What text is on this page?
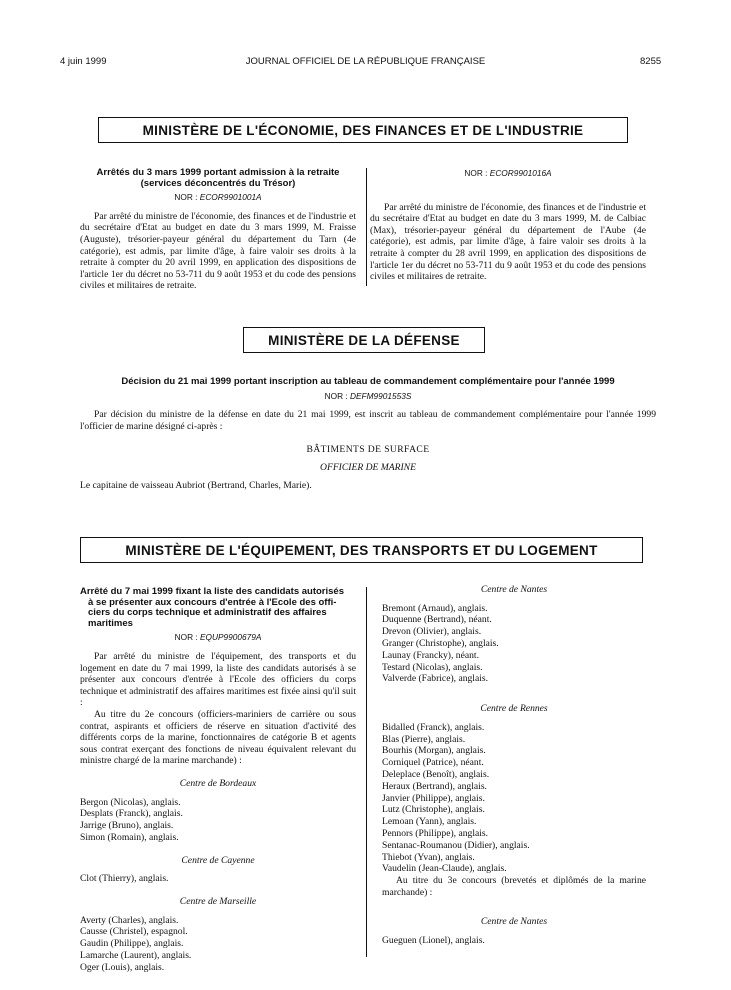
4 juin 1999	JOURNAL OFFICIEL DE LA RÉPUBLIQUE FRANÇAISE	8255
MINISTÈRE DE L'ÉCONOMIE, DES FINANCES ET DE L'INDUSTRIE
Arrêtés du 3 mars 1999 portant admission à la retraite
(services déconcentrés du Trésor)
NOR : ECOR9901001A

Par arrêté du ministre de l'économie, des finances et de l'industrie et du secrétaire d'Etat au budget en date du 3 mars 1999, M. Fraisse (Auguste), trésorier-payeur général du département du Tarn (4e catégorie), est admis, par limite d'âge, à faire valoir ses droits à la retraite à compter du 20 avril 1999, en application des dispositions de l'article 1er du décret no 53-711 du 9 août 1953 et du code des pensions civiles et militaires de retraite.

NOR : ECOR9901016A

Par arrêté du ministre de l'économie, des finances et de l'industrie et du secrétaire d'Etat au budget en date du 3 mars 1999, M. de Calbiac (Max), trésorier-payeur général du département de l'Aube (4e catégorie), est admis, par limite d'âge, à faire valoir ses droits à la retraite à compter du 28 avril 1999, en application des dispositions de l'article 1er du décret no 53-711 du 9 août 1953 et du code des pensions civiles et militaires de retraite.

MINISTÈRE DE LA DÉFENSE
Décision du 21 mai 1999 portant inscription au tableau de commandement complémentaire pour l'année 1999
NOR : DEFM9901553S

Par décision du ministre de la défense en date du 21 mai 1999, est inscrit au tableau de commandement complémentaire pour l'année 1999 l'officier de marine désigné ci-après :

BÂTIMENTS DE SURFACE
OFFICIER DE MARINE
Le capitaine de vaisseau Aubriot (Bertrand, Charles, Marie).
MINISTÈRE DE L'ÉQUIPEMENT, DES TRANSPORTS ET DU LOGEMENT
Arrêté du 7 mai 1999 fixant la liste des candidats autorisés
à se présenter aux concours d'entrée à l'Ecole des offi-
ciers du corps technique et administratif des affaires
maritimes
NOR : EQUP9900679A

Par arrêté du ministre de l'équipement, des transports et du logement en date du 7 mai 1999, la liste des candidats autorisés à se présenter aux concours d'entrée à l'Ecole des officiers du corps technique et administratif des affaires maritimes est fixée ainsi qu'il suit :

Au titre du 2e concours (officiers-mariniers de carrière ou sous contrat, aspirants et officiers de réserve en situation d'activité des différents corps de la marine, fonctionnaires de catégorie B et agents sous contrat exerçant des fonctions de niveau équivalent relevant du ministre chargé de la marine marchande) :

Centre de Bordeaux
Bergon (Nicolas), anglais.
Desplats (Franck), anglais.
Jarrige (Bruno), anglais.
Simon (Romain), anglais.
Centre de Cayenne
Clot (Thierry), anglais.
Centre de Marseille
Averty (Charles), anglais.
Causse (Christel), espagnol.
Gaudin (Philippe), anglais.
Lamarche (Laurent), anglais.
Oger (Louis), anglais.
Centre de Nantes
Bremont (Arnaud), anglais.
Duquenne (Bertrand), néant.
Drevon (Olivier), anglais.
Granger (Christophe), anglais.
Launay (Francky), néant.
Testard (Nicolas), anglais.
Valverde (Fabrice), anglais.
Centre de Rennes
Bidalled (Franck), anglais.
Blas (Pierre), anglais.
Bourhis (Morgan), anglais.
Corniquel (Patrice), néant.
Deleplace (Benoît), anglais.
Heraux (Bertrand), anglais.
Janvier (Philippe), anglais.
Lutz (Christophe), anglais.
Lemoan (Yann), anglais.
Pennors (Philippe), anglais.
Sentanac-Roumanou (Didier), anglais.
Thiebot (Yvan), anglais.
Vaudelin (Jean-Claude), anglais.

Au titre du 3e concours (brevetés et diplômés de la marine marchande) :

Centre de Nantes
Gueguen (Lionel), anglais.
